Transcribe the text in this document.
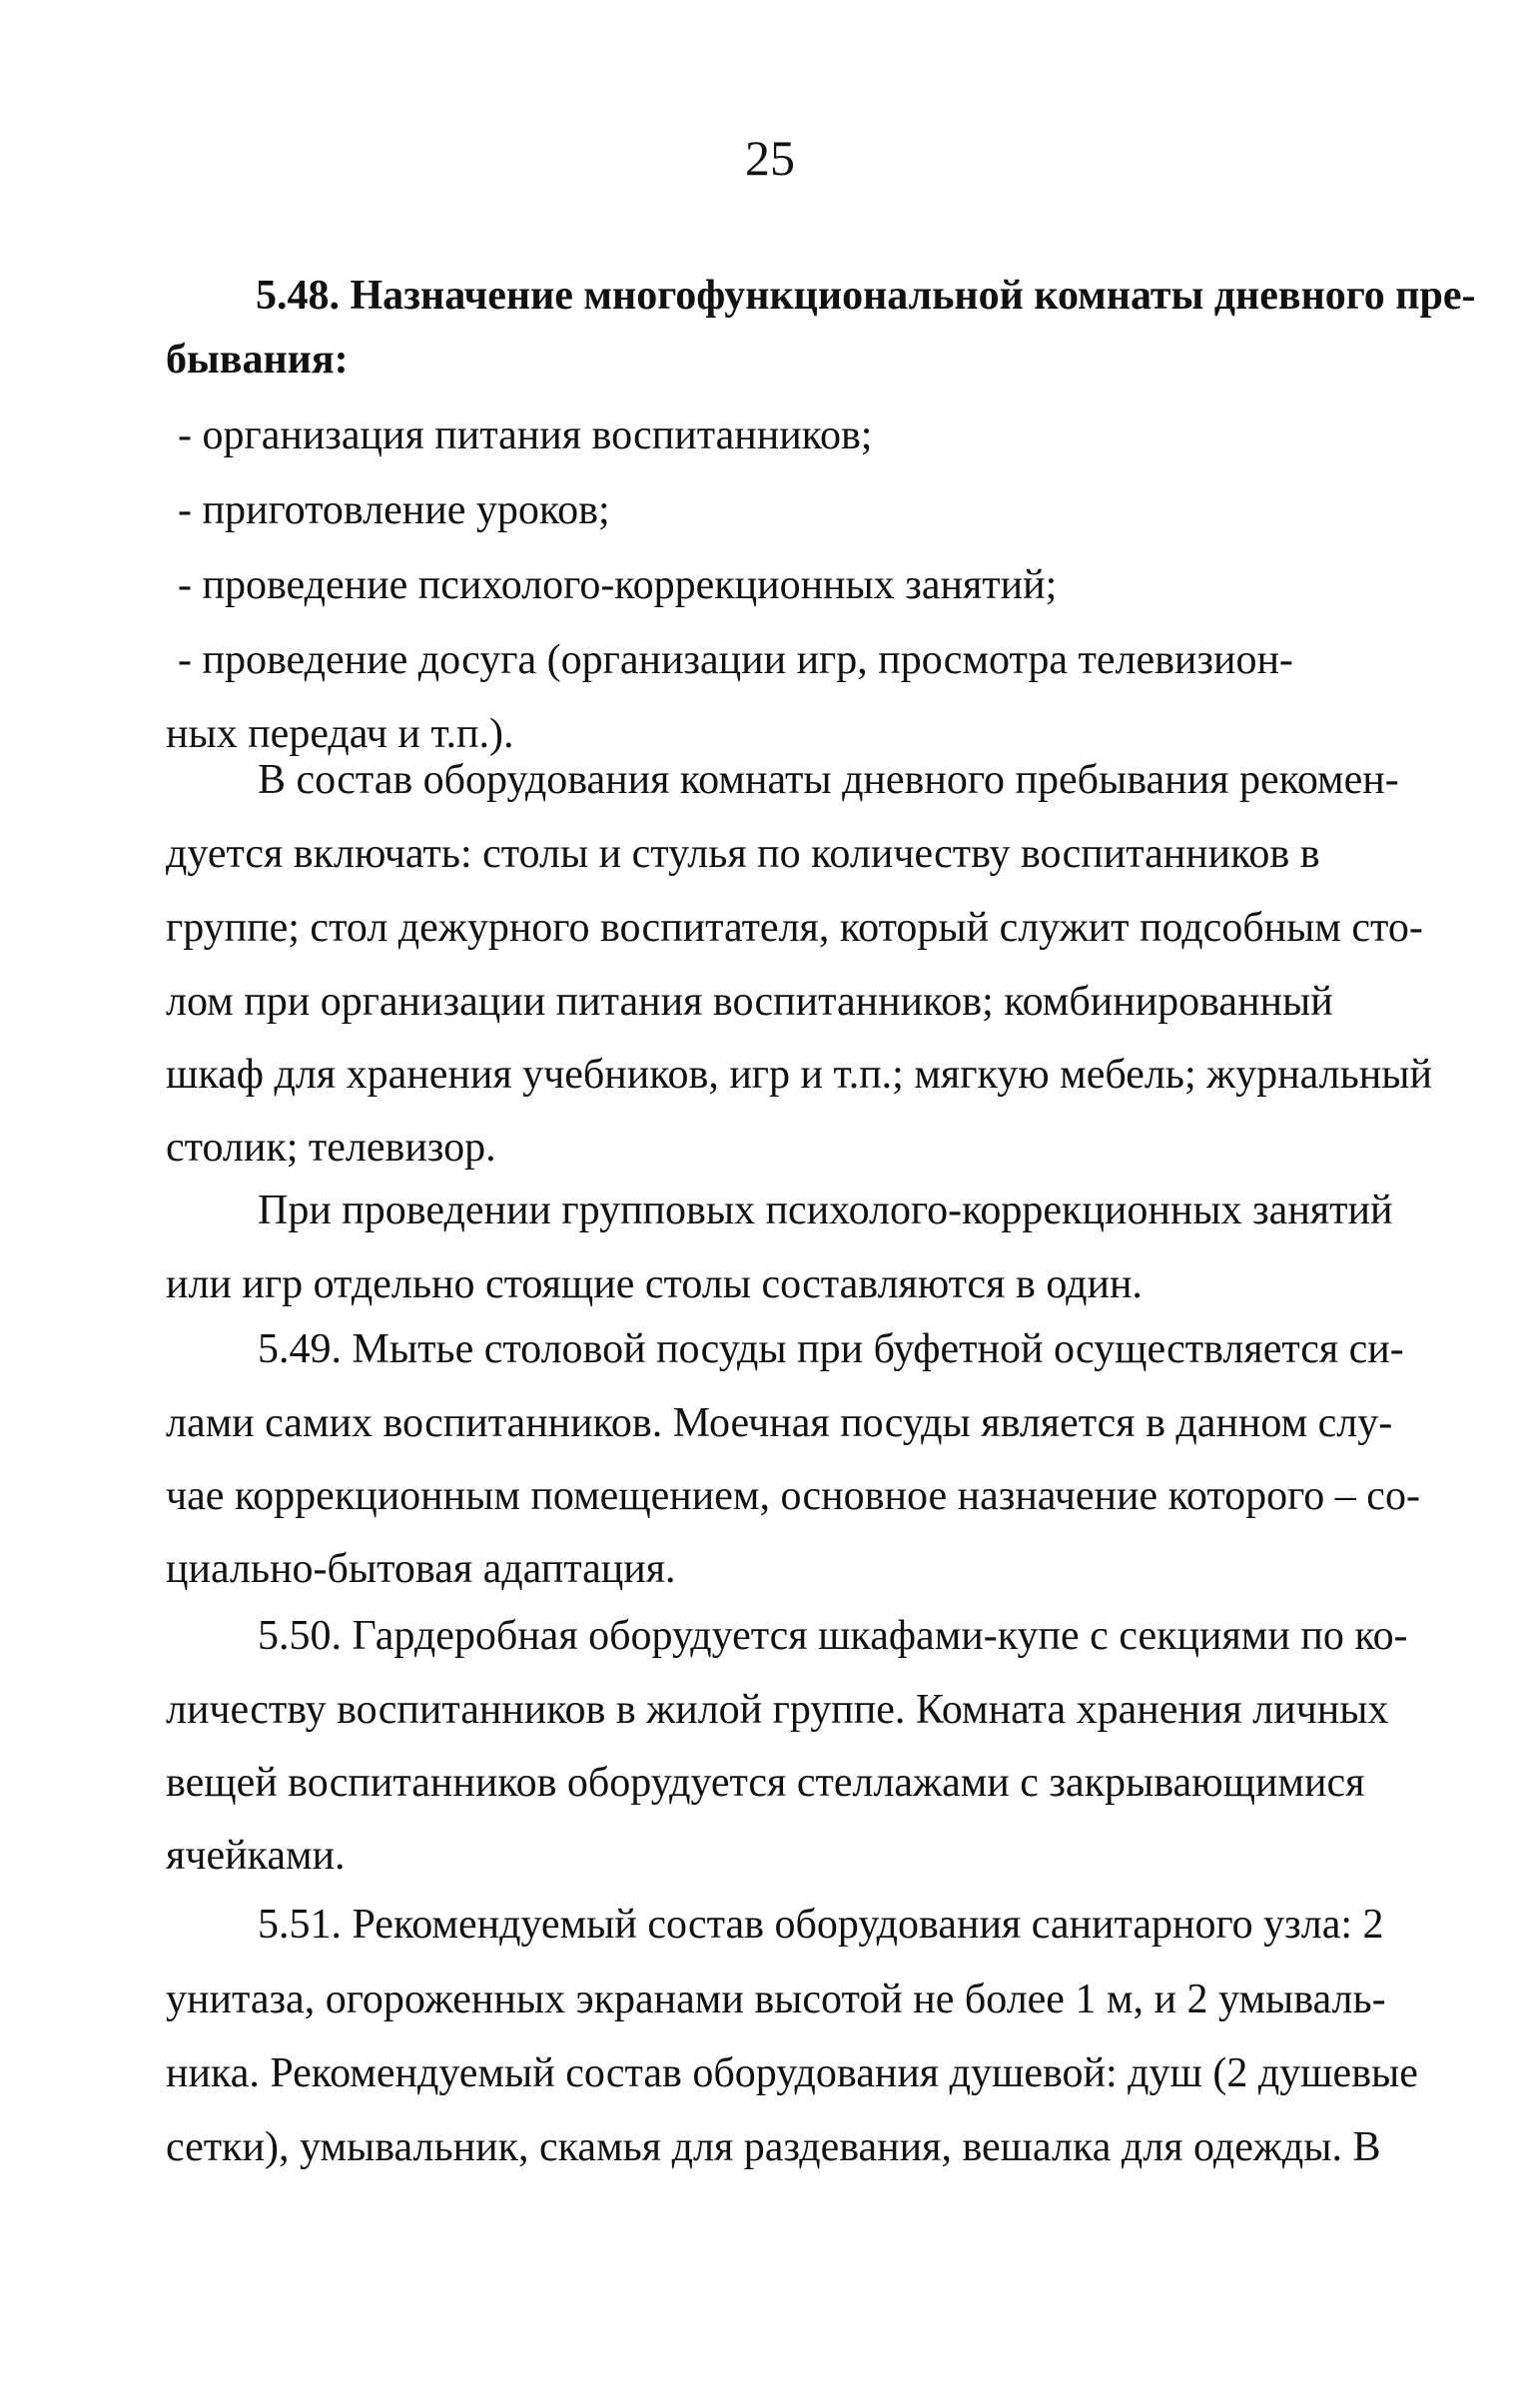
25
5.48. Назначение многофункциональной комнаты дневного пре-
бывания:
- организация питания воспитанников;
- приготовление уроков;
- проведение психолого-коррекционных занятий;
- проведение досуга (организации игр, просмотра телевизион-
ных передач и т.п.).
В состав оборудования комнаты дневного пребывания рекомен-
дуется включать: столы и стулья по количеству воспитанников в
группе; стол дежурного воспитателя, который служит подсобным сто-
лом при организации питания воспитанников; комбинированный
шкаф для хранения учебников, игр и т.п.; мягкую мебель; журнальный
столик; телевизор.
При проведении групповых психолого-коррекционных занятий
или игр отдельно стоящие столы составляются в один.
5.49. Мытье столовой посуды при буфетной осуществляется си-
лами самих воспитанников. Моечная посуды является в данном слу-
чае коррекционным помещением, основное назначение которого – со-
циально-бытовая адаптация.
5.50. Гардеробная оборудуется шкафами-купе с секциями по ко-
личеству воспитанников в жилой группе. Комната хранения личных
вещей воспитанников оборудуется стеллажами с закрывающимися
ячейками.
5.51. Рекомендуемый состав оборудования санитарного узла: 2
унитаза, огороженных экранами высотой не более 1 м, и 2 умываль-
ника. Рекомендуемый состав оборудования душевой: душ (2 душевые
сетки), умывальник, скамья для раздевания, вешалка для одежды. В
